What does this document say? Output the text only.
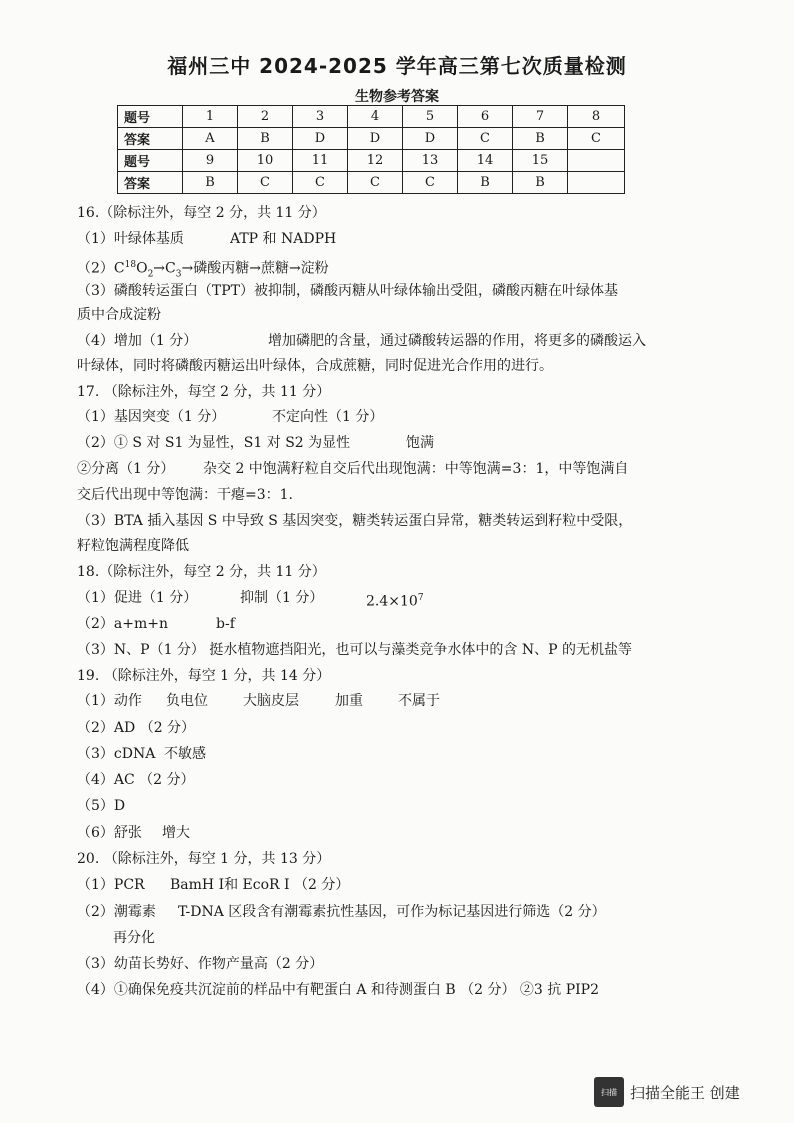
福州三中 2024-2025 学年高三第七次质量检测
生物参考答案
题号	1	2	3	4	5	6	7	8
答案	A	B	D	D	D	C	B	C
题号	9	10	11	12	13	14	15	
答案	B	C	C	C	C	B	B	
16.（除标注外，每空 2 分，共 11 分）
（1）叶绿体基质	ATP 和 NADPH
$(2)C^{18}O_2\to C_3\to$磷酸丙糖→蔗糖→淀粉
（3）磷酸转运蛋白（TPT）被抑制，磷酸丙糖从叶绿体输出受阻，磷酸丙糖在叶绿体基
质中合成淀粉
（4）增加（1 分）	增加磷肥的含量，通过磷酸转运器的作用，将更多的磷酸运入
叶绿体，同时将磷酸丙糖运出叶绿体，合成蔗糖，同时促进光合作用的进行。
17. （除标注外，每空 2 分，共 11 分）
（1）基因突变（1 分）	不定向性（1 分）
（2）① S 对 S1 为显性，S1 对 S2 为显性	饱满
②分离（1 分） 杂交 2 中饱满籽粒自交后代出现饱满：中等饱满=3：1，中等饱满自
交后代出现中等饱满：干瘪=3：1.
（3）BTA 插入基因 S 中导致 S 基因突变，糖类转运蛋白异常，糖类转运到籽粒中受限，
籽粒饱满程度降低
18.（除标注外，每空 2 分，共 11 分）
（1）促进（1 分）	抑制（1 分）	$2.4\times 10^7$
（2）a+m+n	b-f
（3）N、P（1 分） 挺水植物遮挡阳光，也可以与藻类竞争水体中的含 N、P 的无机盐等
19. （除标注外，每空 1 分，共 14 分）
（1）动作 负电位	大脑皮层	加重	不属于
（2）AD （2 分）
（3）cDNA 不敏感
（4）AC （2 分）
（5）D
（6）舒张 增大
20. （除标注外，每空 1 分，共 13 分）
（1）PCR BamH Ⅰ和 EcoR Ⅰ （2 分）
（2）潮霉素 T-DNA 区段含有潮霉素抗性基因，可作为标记基因进行筛选（2 分）
再分化
（3）幼苗长势好、作物产量高（2 分）
（4）①确保免疫共沉淀前的样品中有靶蛋白 A 和待测蛋白 B （2 分） ②3 抗 PIP2
扫描 扫描全能王 创建
